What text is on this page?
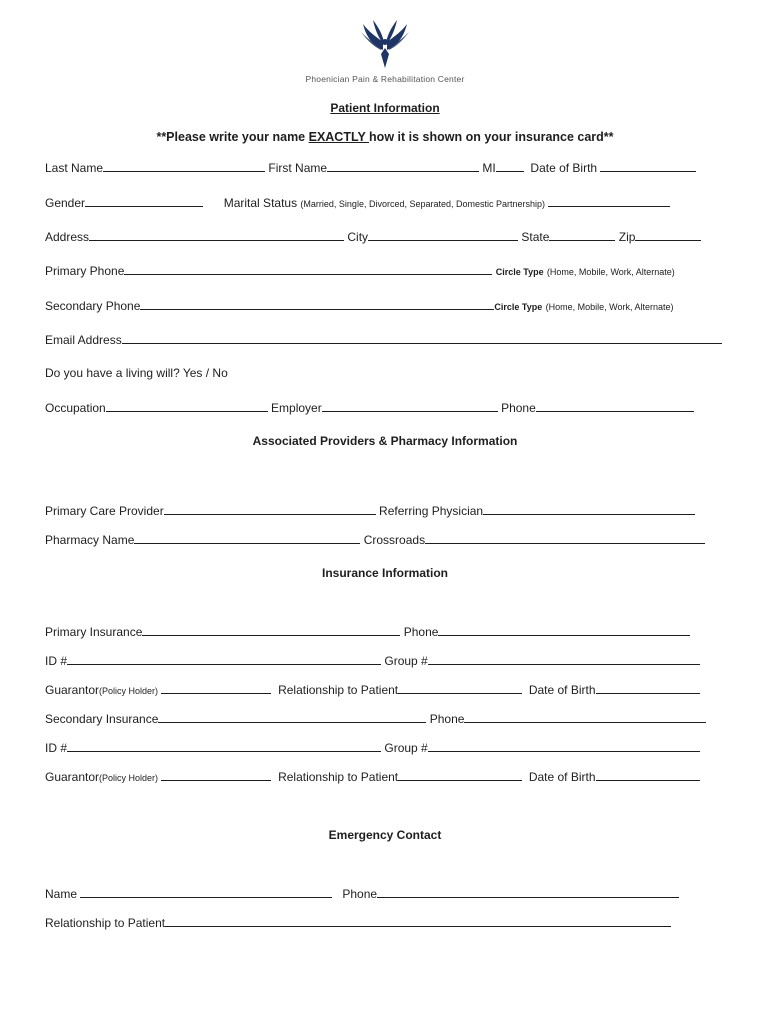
Phoenician Pain & Rehabilitation Center
Patient Information
**Please write your name EXACTLY how it is shown on your insurance card**
Last Name	First Name	MI	Date of Birth
Gender	Marital Status (Married, Single, Divorced, Separated, Domestic Partnership)
Address	City	State	Zip
Primary Phone	Circle Type (Home, Mobile, Work, Alternate)
Secondary Phone	Circle Type (Home, Mobile, Work, Alternate)
Email Address
Do you have a living will? Yes / No
Occupation	Employer	Phone
Associated Providers & Pharmacy Information
Primary Care Provider	Referring Physician
Pharmacy Name	Crossroads
Insurance Information
Primary Insurance	Phone
ID #	Group #
Guarantor(Policy Holder)	Relationship to Patient	Date of Birth
Secondary Insurance	Phone
ID #	Group #
Guarantor(Policy Holder)	Relationship to Patient	Date of Birth
Emergency Contact
Name	Phone
Relationship to Patient
